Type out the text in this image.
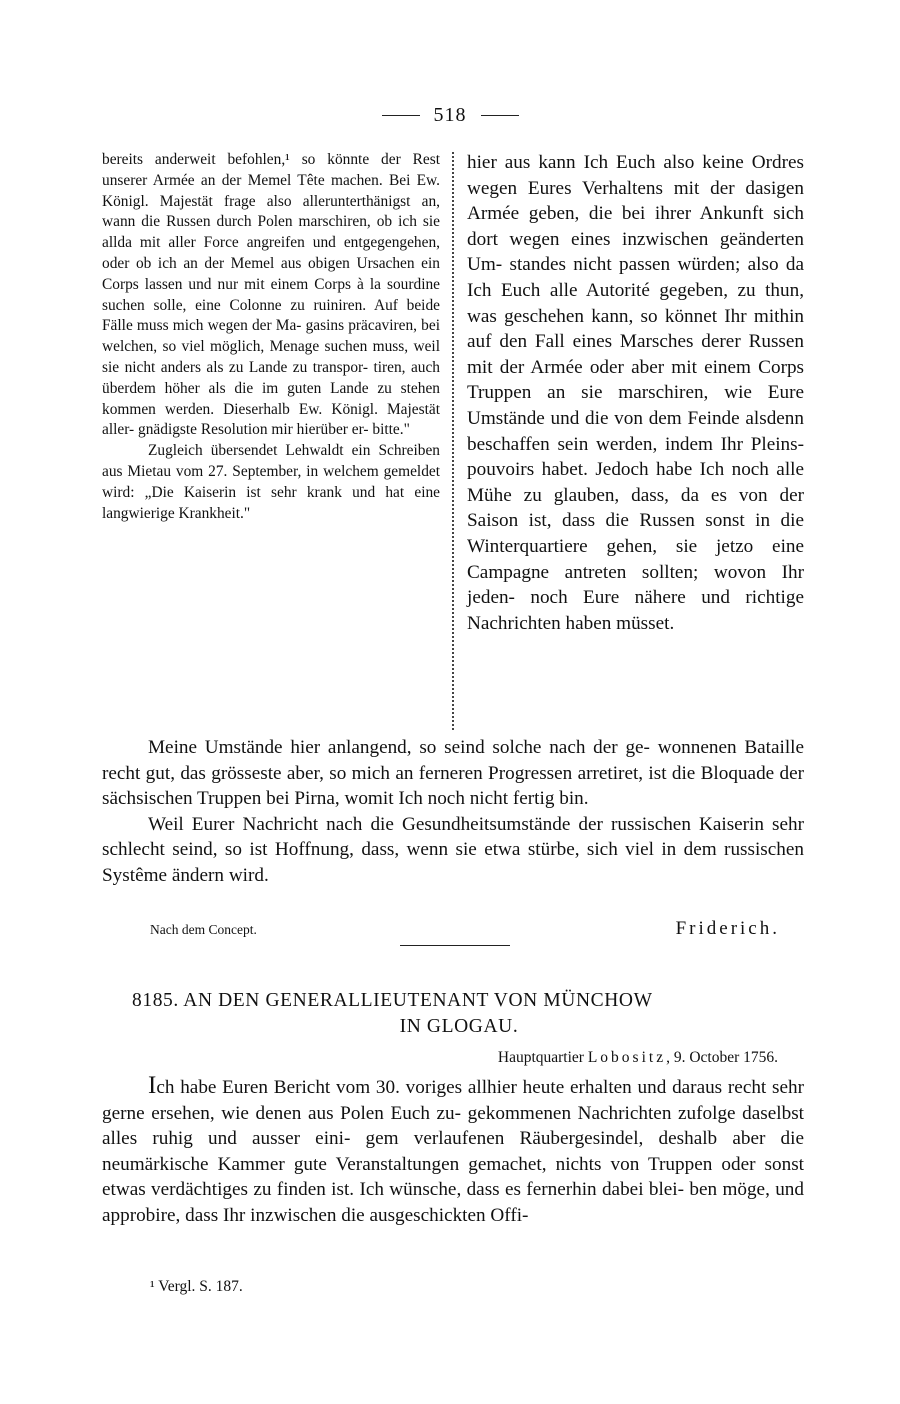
518

bereits anderweit befohlen,¹ so könnte der Rest unserer Armée an der Memel Tête machen. Bei Ew. Königl. Majestät frage also allerunterthänigst an, wann die Russen durch Polen marschiren, ob ich sie allda mit aller Force angreifen und entgegengehen, oder ob ich an der Memel aus obigen Ursachen ein Corps lassen und nur mit einem Corps à la sourdine suchen solle, eine Colonne zu ruiniren. Auf beide Fälle muss mich wegen der Ma- gasins präcaviren, bei welchen, so viel möglich, Menage suchen muss, weil sie nicht anders als zu Lande zu transpor- tiren, auch überdem höher als die im guten Lande zu stehen kommen werden. Dieserhalb Ew. Königl. Majestät aller- gnädigste Resolution mir hierüber er- bitte."

Zugleich übersendet Lehwaldt ein Schreiben aus Mietau vom 27. September, in welchem gemeldet wird: „Die Kaiserin ist sehr krank und hat eine langwierige Krankheit."

hier aus kann Ich Euch also keine Ordres wegen Eures Verhaltens mit der dasigen Armée geben, die bei ihrer Ankunft sich dort wegen eines inzwischen geänderten Um- standes nicht passen würden; also da Ich Euch alle Autorité gegeben, zu thun, was geschehen kann, so könnet Ihr mithin auf den Fall eines Marsches derer Russen mit der Armée oder aber mit einem Corps Truppen an sie marschiren, wie Eure Umstände und die von dem Feinde alsdenn beschaffen sein werden, indem Ihr Pleins- pouvoirs habet. Jedoch habe Ich noch alle Mühe zu glauben, dass, da es von der Saison ist, dass die Russen sonst in die Winterquartiere gehen, sie jetzo eine Campagne antreten sollten; wovon Ihr jeden- noch Eure nähere und richtige Nachrichten haben müsset.

Meine Umstände hier anlangend, so seind solche nach der ge- wonnenen Bataille recht gut, das grösseste aber, so mich an ferneren Progressen arretiret, ist die Bloquade der sächsischen Truppen bei Pirna, womit Ich noch nicht fertig bin.

Weil Eurer Nachricht nach die Gesundheitsumstände der russischen Kaiserin sehr schlecht seind, so ist Hoffnung, dass, wenn sie etwa stürbe, sich viel in dem russischen Systême ändern wird.

Nach dem Concept.	Friderich.
8185. AN DEN GENERALLIEUTENANT VON MÜNCHOW
IN GLOGAU.
Hauptquartier Lobositz, 9. October 1756.

Ich habe Euren Bericht vom 30. voriges allhier heute erhalten und daraus recht sehr gerne ersehen, wie denen aus Polen Euch zu- gekommenen Nachrichten zufolge daselbst alles ruhig und ausser eini- gem verlaufenen Räubergesindel, deshalb aber die neumärkische Kammer gute Veranstaltungen gemachet, nichts von Truppen oder sonst etwas verdächtiges zu finden ist. Ich wünsche, dass es fernerhin dabei blei- ben möge, und approbire, dass Ihr inzwischen die ausgeschickten Offi-

¹ Vergl. S. 187.
